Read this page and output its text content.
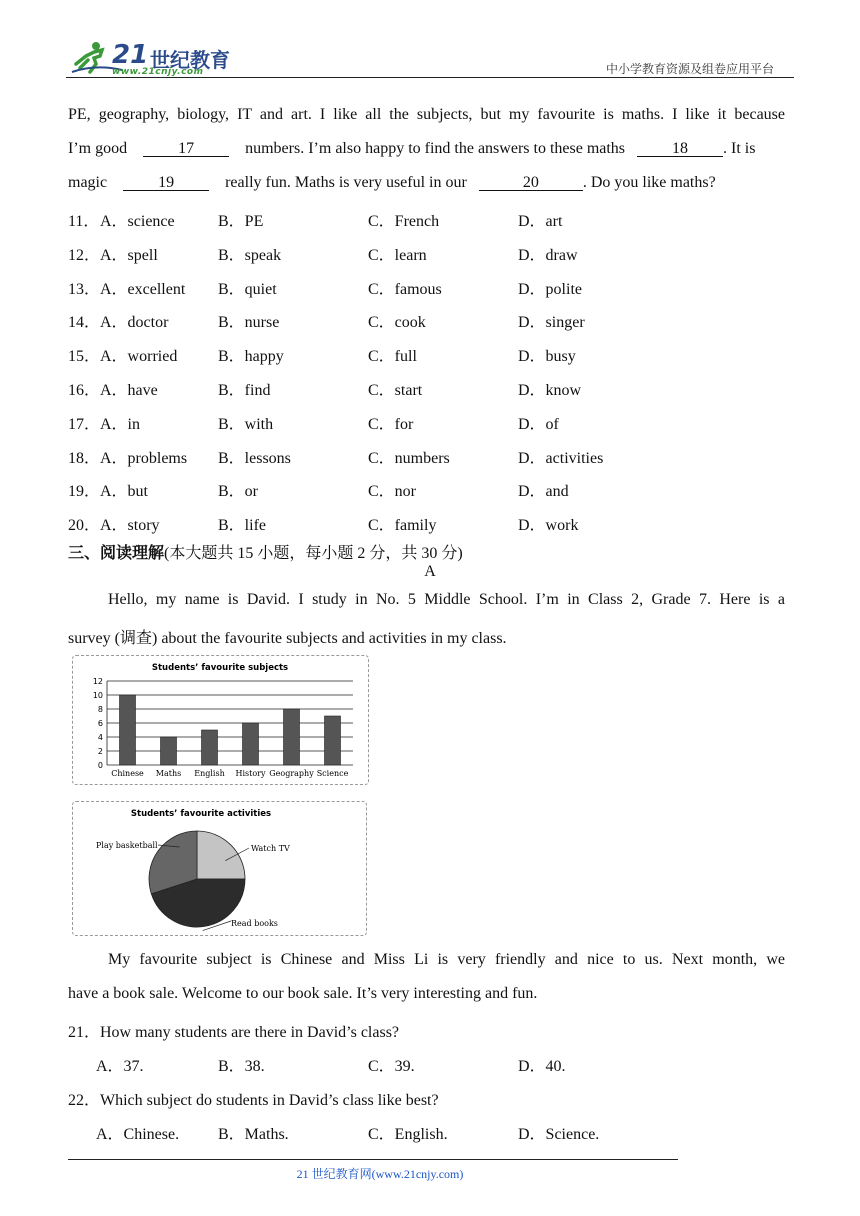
21 世纪教育
www.21cnjy.com	中小学教育资源及组卷应用平台
PE, geography, biology, IT and art. I like all the subjects, but my favourite is maths. I like it because
I’m good	17	numbers. I’m also happy to find the answers to these maths	18 . It is
magic	19	really fun. Maths is very useful in our	20	. Do you like maths?
11． A．science	B．PE	C．French	D．art
12． A．spell	B．speak	C．learn	D．draw
13． A．excellent B．quiet	C．famous	D．polite
14． A．doctor	B．nurse	C．cook	D．singer
15． A．worried	B．happy	C．full	D．busy
16． A．have	B．find	C．start	D．know
17． A．in	B．with	C．for	D．of
18． A．problems B．lessons	C．numbers	D．activities
19． A．but	B．or	C．nor	D．and
20． A．story	B．life	C．family	D．work
三、阅读理解(本大题共 15 小题，每小题 2 分，共 30 分)
A
Hello, my name is David. I study in No. 5 Middle School. I’m in Class 2, Grade 7. Here is a
survey (调查) about the favourite subjects and activities in my class.
Students’ favourite subjects
0
2
4
6
8
10
12
Chinese Maths English History Geography Science
Students’ favourite activities
Watch TV
Read books
Play basketball
My favourite subject is Chinese and Miss Li is very friendly and nice to us. Next month, we
have a book sale. Welcome to our book sale. It’s very interesting and fun.
21．How many students are there in David’s class?
A．37.	B．38.	C．39.	D．40.
22．Which subject do students in David’s class like best?
A．Chinese. B．Maths.	C．English.	D．Science.
21 世纪教育网(www.21cnjy.com)
